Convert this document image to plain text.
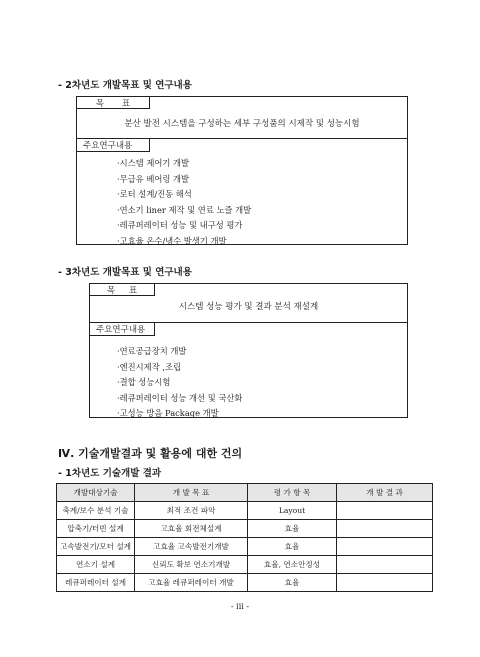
- 2차년도 개발목표 및 연구내용
목 표
분산 발전 시스템을 구성하는 세부 구성품의 시제작 및 성능시험
주요연구내용
·시스템 제어기 개발
·무급유 베어링 개발
·로터 설계/진동 해석
·연소기 liner 제작 및 연료 노즐 개발
·레큐퍼레이터 성능 및 내구성 평가
·고효율 온수/냉수 발생기 개발
- 3차년도 개발목표 및 연구내용
목 표
시스템 성능 평가 및 결과 분석 재설계
주요연구내용
·연료공급장치 개발
·엔진시제작 ,조립
·결합 성능시험
·레큐퍼레이터 성능 개선 및 국산화
·고성능 방음 Package 개발
Ⅳ. 기술개발결과 및 활용에 대한 건의
- 1차년도 기술개발 결과
개발대상기술	개 발 목 표	평 가 항 목	개 발 결 과
축계/보수 분석 기술	최적 조건 파악	Layout	
압축기/터빈 설계	고효율 회전체설계	효율	
고속발전기/모터 설계	고효율 고속발전기개발	효율	
연소기 설계	신뢰도 확보 연소기개발	효율, 연소안정성	
레큐퍼레이터 설계	고효율 레큐퍼레이터 개발	효율	
- iii -
